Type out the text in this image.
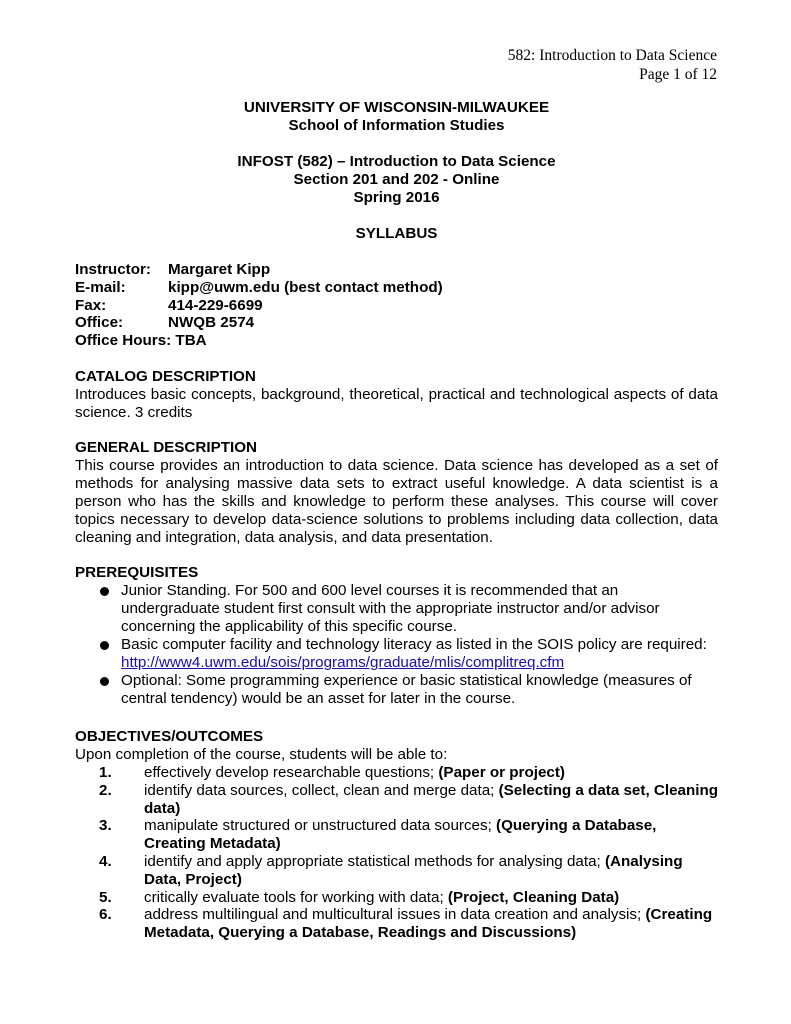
582: Introduction to Data Science
Page 1 of 12
UNIVERSITY OF WISCONSIN-MILWAUKEE
School of Information Studies
INFOST (582) – Introduction to Data Science
Section 201 and 202 - Online
Spring 2016
SYLLABUS
Instructor:	Margaret Kipp
E-mail:	kipp@uwm.edu (best contact method)
Fax:	414-229-6699
Office:	NWQB 2574
Office Hours: TBA
CATALOG DESCRIPTION
Introduces basic concepts, background, theoretical, practical and technological aspects of data science. 3 credits
GENERAL DESCRIPTION
This course provides an introduction to data science. Data science has developed as a set of methods for analysing massive data sets to extract useful knowledge. A data scientist is a person who has the skills and knowledge to perform these analyses. This course will cover topics necessary to develop data-science solutions to problems including data collection, data cleaning and integration, data analysis, and data presentation.
PREREQUISITES
Junior Standing. For 500 and 600 level courses it is recommended that an undergraduate student first consult with the appropriate instructor and/or advisor concerning the applicability of this specific course.
Basic computer facility and technology literacy as listed in the SOIS policy are required: http://www4.uwm.edu/sois/programs/graduate/mlis/complitreq.cfm
Optional: Some programming experience or basic statistical knowledge (measures of central tendency) would be an asset for later in the course.
OBJECTIVES/OUTCOMES
Upon completion of the course, students will be able to:
1. effectively develop researchable questions; (Paper or project)
2. identify data sources, collect, clean and merge data; (Selecting a data set, Cleaning data)
3. manipulate structured or unstructured data sources; (Querying a Database, Creating Metadata)
4. identify and apply appropriate statistical methods for analysing data; (Analysing Data, Project)
5. critically evaluate tools for working with data; (Project, Cleaning Data)
6. address multilingual and multicultural issues in data creation and analysis; (Creating Metadata, Querying a Database, Readings and Discussions)
